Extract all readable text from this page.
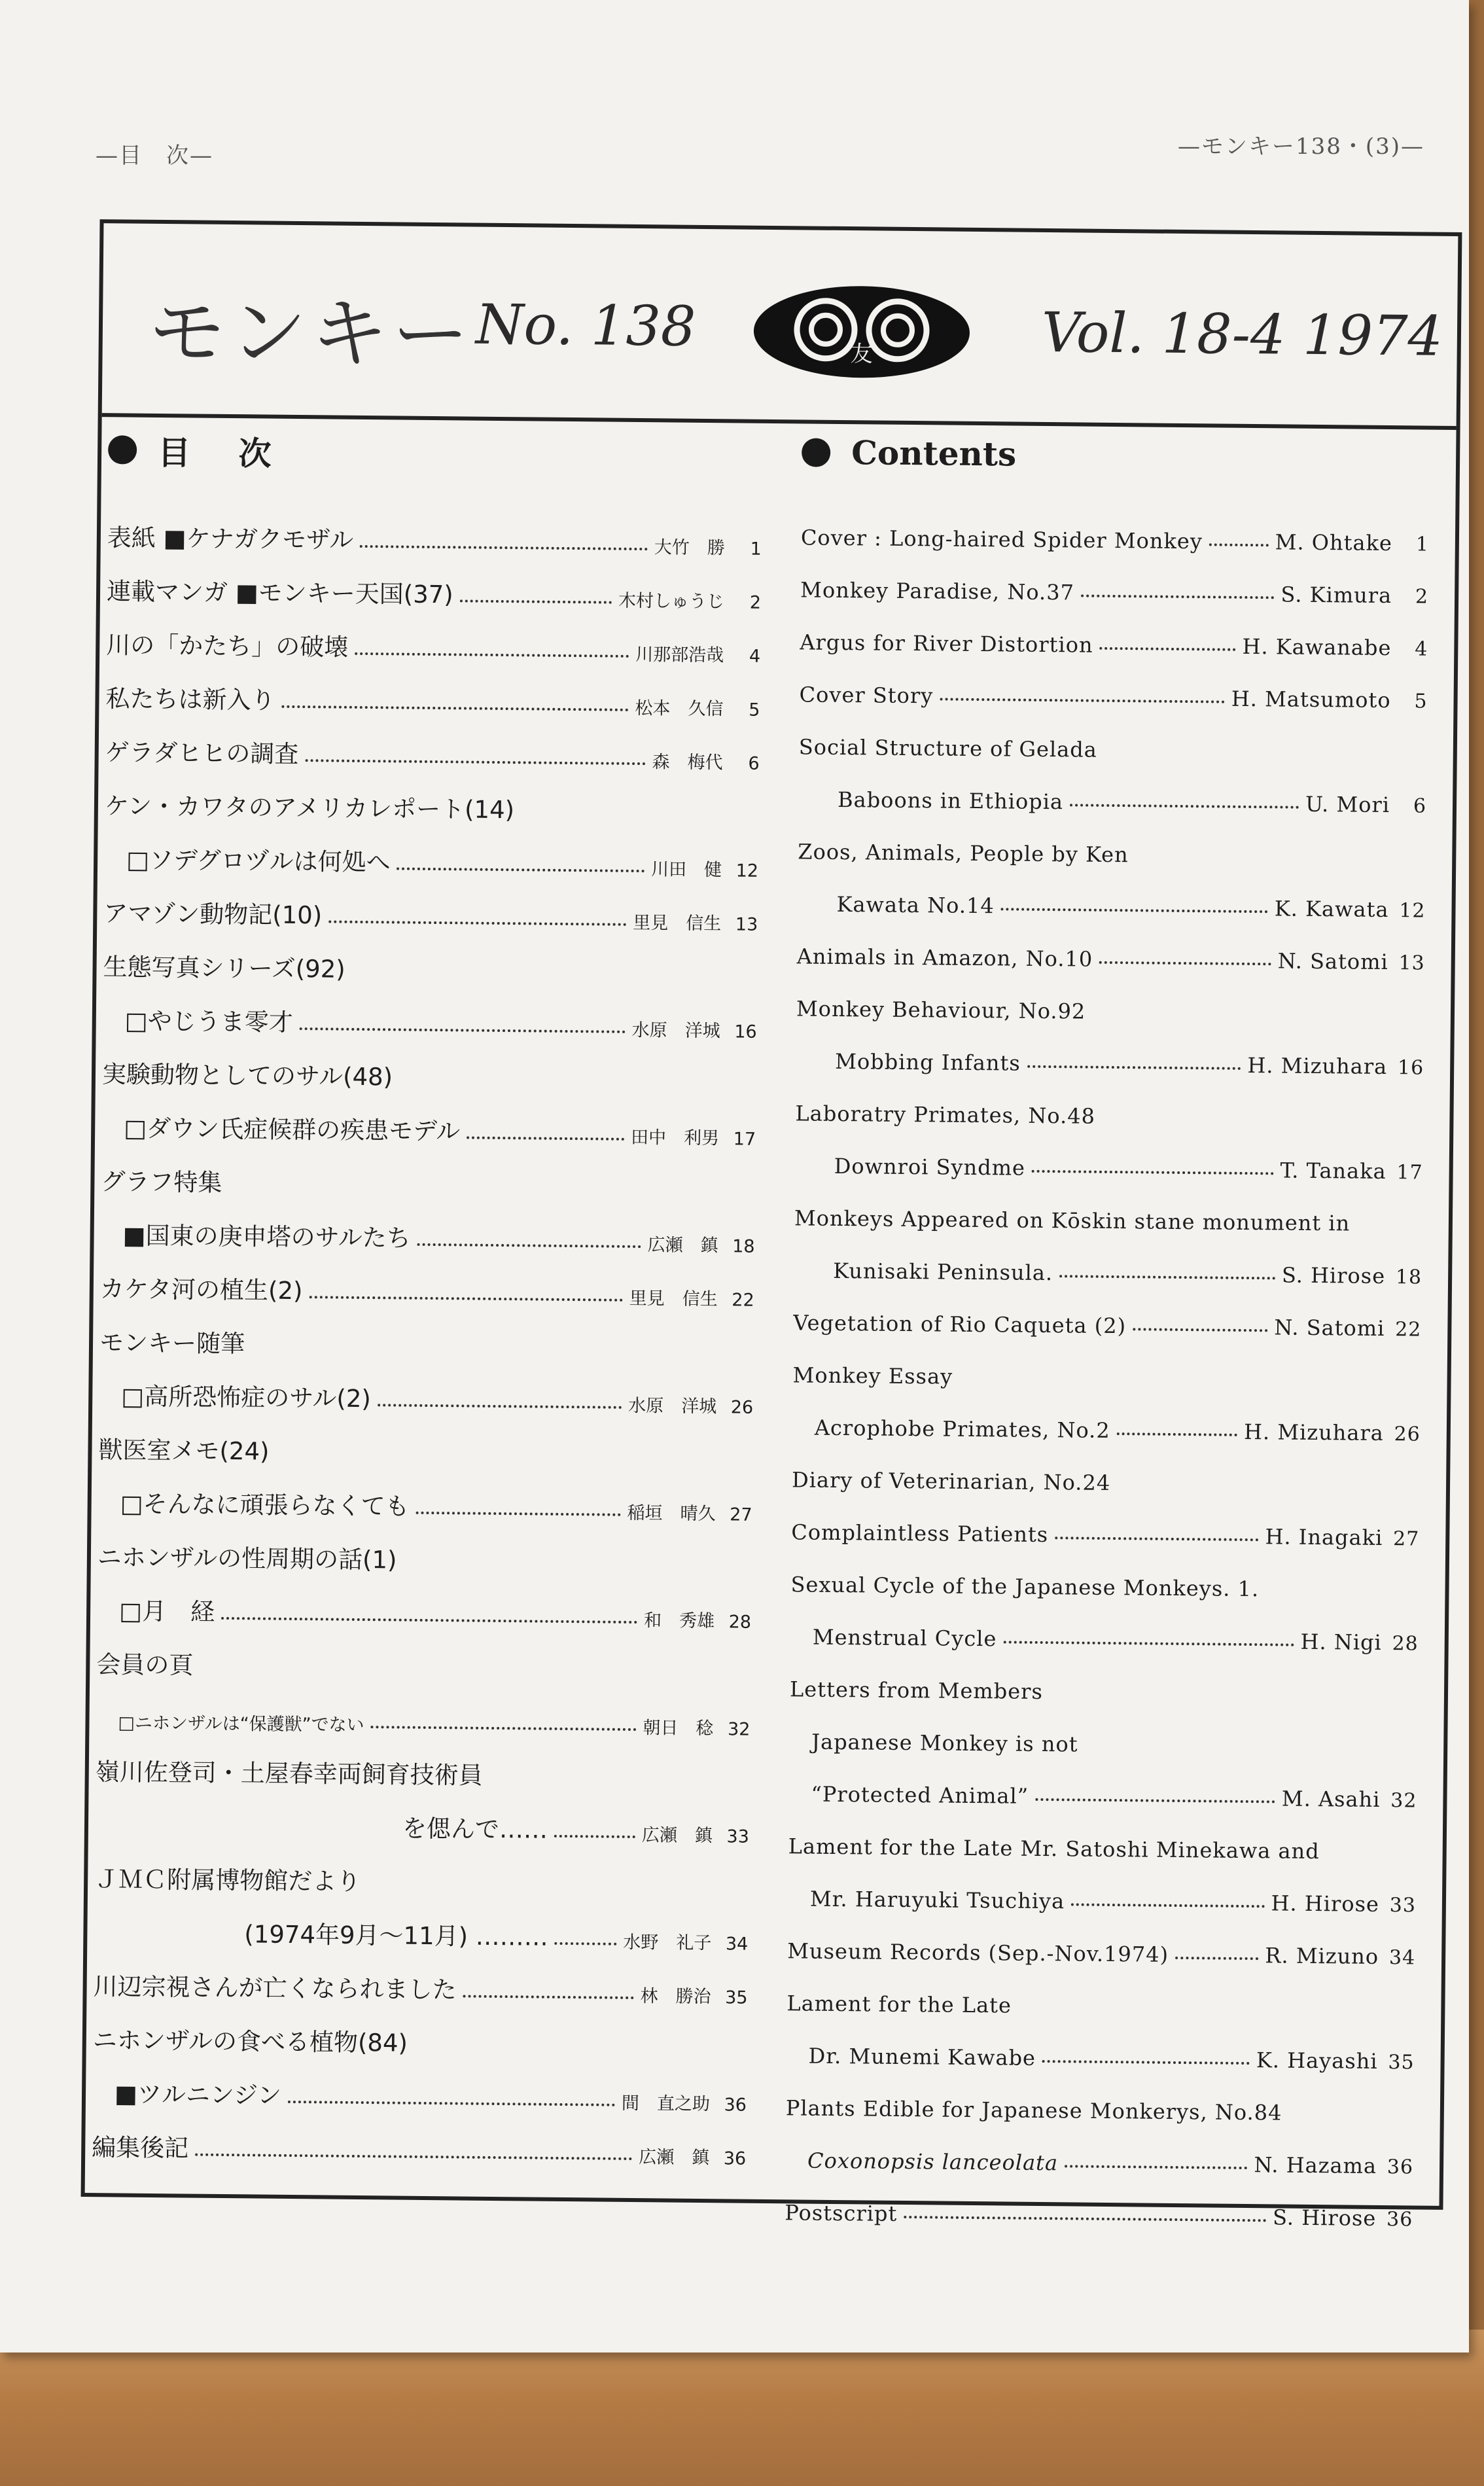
—目　次—	—モンキー138・(3)—
モンキー No. 138	友	Vol. 18-4 1974
目 次
表紙 ■ケナガクモザル	大竹　勝	1
連載マンガ ■モンキー天国(37)	木村しゅうじ	2
川の「かたち」の破壊	川那部浩哉	4
私たちは新入り	松本　久信	5
ゲラダヒヒの調査	森　梅代	6
ケン・カワタのアメリカレポート(14)
□ソデグロヅルは何処へ	川田　健 12
アマゾン動物記(10)	里見　信生 13
生態写真シリーズ(92)
□やじうま零才	水原　洋城 16
実験動物としてのサル(48)
□ダウン氏症候群の疾患モデル	田中　利男 17
グラフ特集
■国東の庚申塔のサルたち	広瀬　鎮 18
カケタ河の植生(2)	里見　信生 22
モンキー随筆
□高所恐怖症のサル(2)	水原　洋城 26
獣医室メモ(24)
□そんなに頑張らなくても	稲垣　晴久 27
ニホンザルの性周期の話(1)
□月　経	和　秀雄 28
会員の頁
□ニホンザルは“保護獣”でない	朝日　稔 32
嶺川佐登司・土屋春幸両飼育技術員
を偲んで……	広瀬　鎮 33
ＪＭＣ附属博物館だより
(1974年9月～11月) ………	水野　礼子 34
川辺宗視さんが亡くなられました	林　勝治 35
ニホンザルの食べる植物(84)
■ツルニンジン	間　直之助 36
編集後記	広瀬　鎮 36
Contents
Cover : Long-haired Spider Monkey	M. Ohtake	1
Monkey Paradise, No.37	S. Kimura	2
Argus for River Distortion	H. Kawanabe	4
Cover Story	H. Matsumoto	5
Social Structure of Gelada
Baboons in Ethiopia	U. Mori	6
Zoos, Animals, People by Ken
Kawata No.14	K. Kawata 12
Animals in Amazon, No.10	N. Satomi 13
Monkey Behaviour, No.92
Mobbing Infants	H. Mizuhara 16
Laboratry Primates, No.48
Downroi Syndme	T. Tanaka 17
Monkeys Appeared on Kōskin stane monument in
Kunisaki Peninsula.	S. Hirose 18
Vegetation of Rio Caqueta (2)	N. Satomi 22
Monkey Essay
Acrophobe Primates, No.2	H. Mizuhara 26
Diary of Veterinarian, No.24
Complaintless Patients	H. Inagaki 27
Sexual Cycle of the Japanese Monkeys. 1.
Menstrual Cycle	H. Nigi 28
Letters from Members
Japanese Monkey is not
“Protected Animal”	M. Asahi 32
Lament for the Late Mr. Satoshi Minekawa and
Mr. Haruyuki Tsuchiya	H. Hirose 33
Museum Records (Sep.-Nov.1974)	R. Mizuno 34
Lament for the Late
Dr. Munemi Kawabe	K. Hayashi 35
Plants Edible for Japanese Monkerys, No.84
Coxonopsis lanceolata	N. Hazama 36
Postscript	S. Hirose 36
